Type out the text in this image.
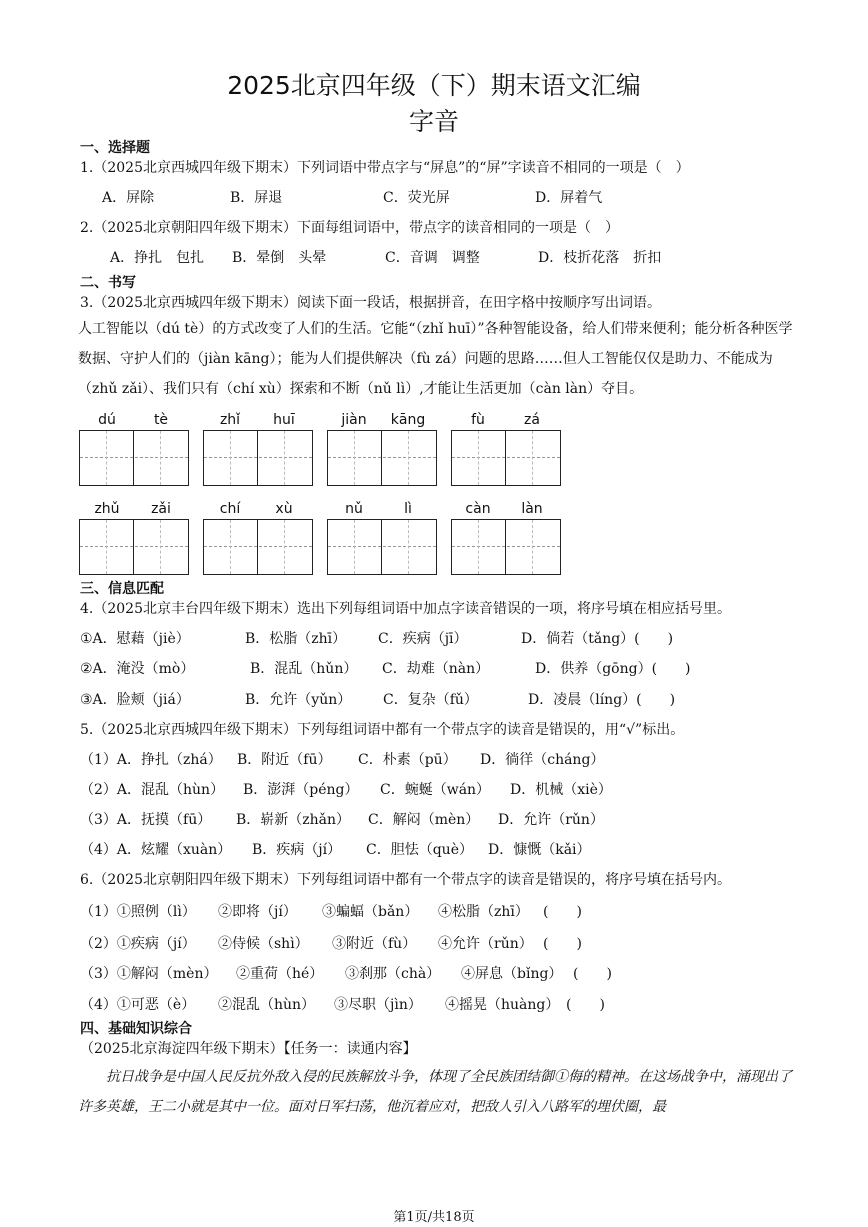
2025北京四年级（下）期末语文汇编
字音
一、选择题
1.（2025北京西城四年级下期末）下列词语中带点字与“屏息”的“屏”字读音不相同的一项是（　）
A．屏除	B．屏退	C．荧光屏	D．屏着气
2.（2025北京朝阳四年级下期末）下面每组词语中，带点字的读音相同的一项是（　）
A．挣扎　包扎 B．晕倒　头晕	C．音调　调整	D．枝折花落　折扣
二、书写
3.（2025北京西城四年级下期末）阅读下面一段话，根据拼音，在田字格中按顺序写出词语。
人工智能以（dú tè）的方式改变了人们的生活。它能“（zhǐ huī）”各种智能设备，给人们带来便利；能分析各种医学数据、守护人们的（jiàn kāng）；能为人们提供解决（fù zá）问题的思路……但人工智能仅仅是助力、不能成为（zhǔ zǎi）、我们只有（chí xù）探索和不断（nǔ lì）,才能让生活更加（càn làn）夺目。
dú	tè	zhǐ	huī	jiàn	kāng	fù	zá
zhǔ	zǎi	chí	xù	nǔ	lì	càn	làn
三、信息匹配
4.（2025北京丰台四年级下期末）选出下列每组词语中加点字读音错误的一项，将序号填在相应括号里。
①A．慰藉（jiè）	B．松脂（zhī） C．疾病（jī）	D．倘若（tǎng）(　　)
②A．淹没（mò）	B．混乱（hǔn） C．劫难（nàn）	D．供养（gōng）(　　)
③A．脸颊（jiá）	B．允许（yǔn） C．复杂（fǔ）	D．凌晨（líng）(　　)
5.（2025北京西城四年级下期末）下列每组词语中都有一个带点字的读音是错误的，用“√”标出。
（1）A．挣扎（zhá） B．附近（fū） C．朴素（pū） D．徜徉（cháng）
（2）A．混乱（hùn） B．澎湃（péng） C．蜿蜒（wán） D．机械（xiè）
（3）A．抚摸（fū） B．崭新（zhǎn） C．解闷（mèn） D．允许（rǔn）
（4）A．炫耀（xuàn） B．疾病（jí） C．胆怯（què） D．慷慨（kǎi）
6.（2025北京朝阳四年级下期末）下列每组词语中都有一个带点字的读音是错误的，将序号填在括号内。
（1）①照例（lì） ②即将（jí） ③蝙蝠（bǎn） ④松脂（zhī） (　　)
（2）①疾病（jí） ②侍候（shì） ③附近（fù） ④允许（rǔn） (　　)
（3）①解闷（mèn） ②重荷（hé） ③刹那（chà） ④屏息（bǐng） (　　)
（4）①可恶（è） ②混乱（hùn） ③尽职（jìn） ④摇晃（huàng） (　　)
四、基础知识综合
（2025北京海淀四年级下期末）【任务一：读通内容】
抗日战争是中国人民反抗外敌入侵的民族解放斗争，体现了全民族团结御①侮的精神。在这场战争中，涌现出了许多英雄，王二小就是其中一位。面对日军扫荡，他沉着应对，把敌人引入八路军的埋伏圈，最
第1页/共18页
